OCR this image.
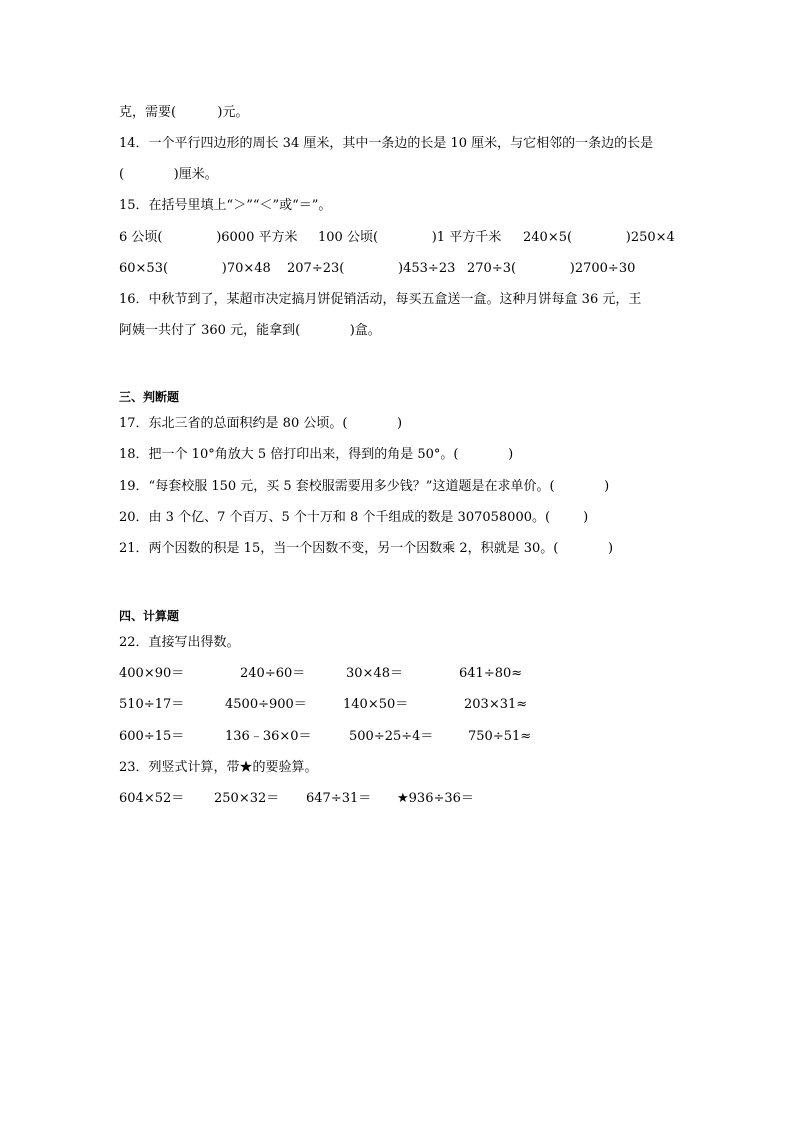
克，需要(          )元。
14．一个平行四边形的周长 34 厘米，其中一条边的长是 10 厘米，与它相邻的一条边的长是
(            )厘米。
15．在括号里填上“＞”“＜”或“＝”。
6 公顷(             )6000 平方米 100 公顷(             )1 平方千米 240×5(             )250×4
60×53(             )70×48 207÷23(             )453÷23 270÷3(             )2700÷30
16．中秋节到了，某超市决定搞月饼促销活动，每买五盒送一盒。这种月饼每盒 36 元，王
阿姨一共付了 360 元，能拿到(            )盒。
三、判断题
17．东北三省的总面积约是 80 公顷。(            )
18．把一个 10°角放大 5 倍打印出来，得到的角是 50°。(            )
19．“每套校服 150 元，买 5 套校服需要用多少钱？”这道题是在求单价。(            )
20．由 3 个亿、7 个百万、5 个十万和 8 个千组成的数是 307058000。(        )
21．两个因数的积是 15，当一个因数不变，另一个因数乘 2，积就是 30。(            )
四、计算题
22．直接写出得数。
400×90＝	240÷60＝	30×48＝	641÷80≈
510÷17＝	4500÷900＝	140×50＝	203×31≈
600÷15＝	136﹣36×0＝	500÷25÷4＝	750÷51≈
23．列竖式计算，带★的要验算。
604×52＝ 250×32＝ 647÷31＝ ★936÷36＝
